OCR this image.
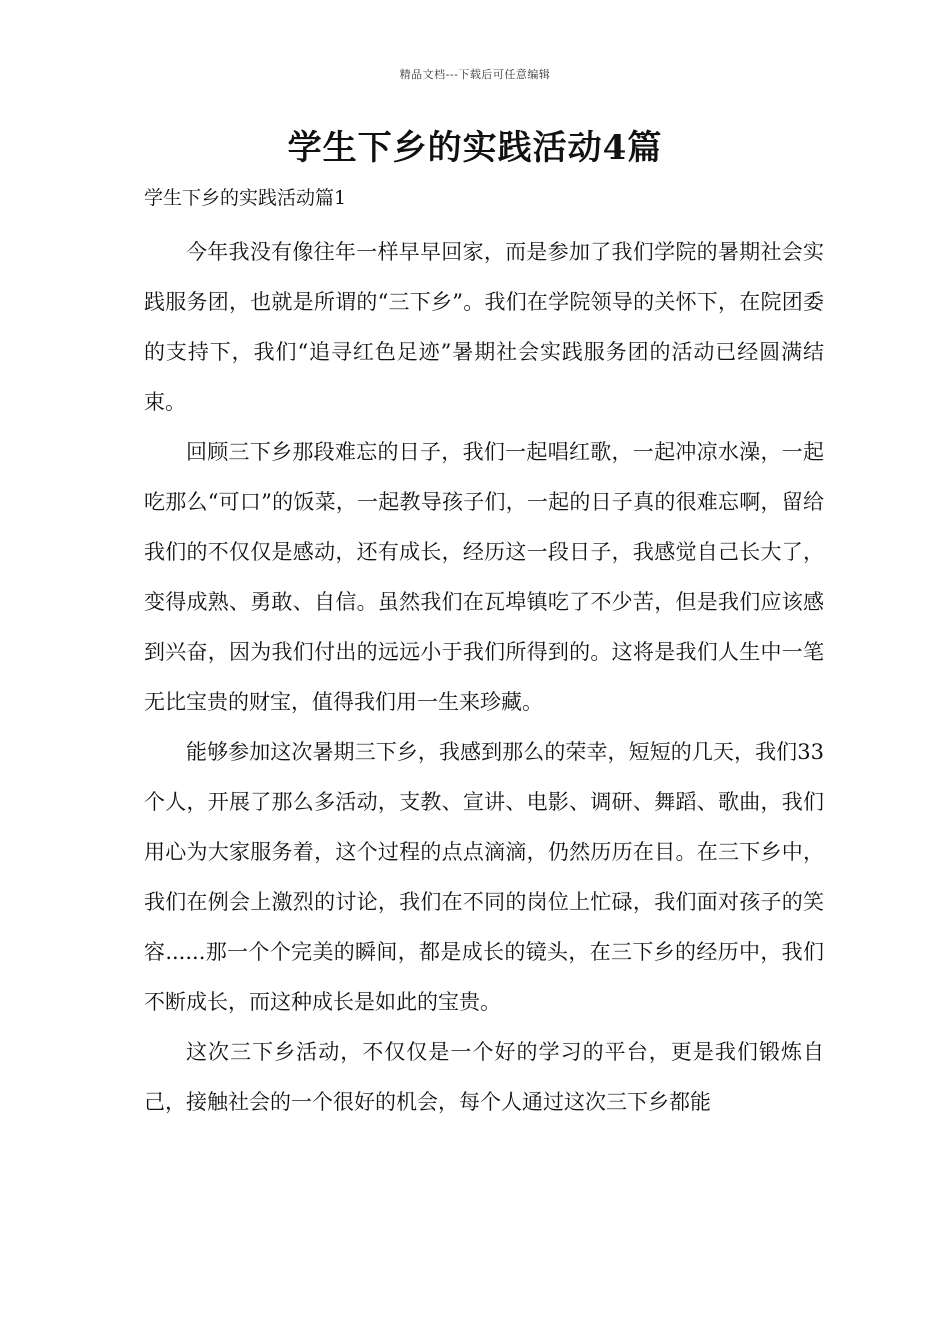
精品文档---下载后可任意编辑
学生下乡的实践活动4篇

学生下乡的实践活动篇1

今年我没有像往年一样早早回家，而是参加了我们学院的暑期社会实践服务团，也就是所谓的“三下乡”。我们在学院领导的关怀下，在院团委的支持下，我们“追寻红色足迹”暑期社会实践服务团的活动已经圆满结束。

回顾三下乡那段难忘的日子，我们一起唱红歌，一起冲凉水澡，一起吃那么“可口”的饭菜，一起教导孩子们，一起的日子真的很难忘啊，留给我们的不仅仅是感动，还有成长，经历这一段日子，我感觉自己长大了，变得成熟、勇敢、自信。虽然我们在瓦埠镇吃了不少苦，但是我们应该感到兴奋，因为我们付出的远远小于我们所得到的。这将是我们人生中一笔无比宝贵的财宝，值得我们用一生来珍藏。

能够参加这次暑期三下乡，我感到那么的荣幸，短短的几天，我们33个人，开展了那么多活动，支教、宣讲、电影、调研、舞蹈、歌曲，我们用心为大家服务着，这个过程的点点滴滴，仍然历历在目。在三下乡中，我们在例会上激烈的讨论，我们在不同的岗位上忙碌，我们面对孩子的笑容......那一个个完美的瞬间，都是成长的镜头，在三下乡的经历中，我们不断成长，而这种成长是如此的宝贵。

这次三下乡活动，不仅仅是一个好的学习的平台，更是我们锻炼自己，接触社会的一个很好的机会，每个人通过这次三下乡都能
